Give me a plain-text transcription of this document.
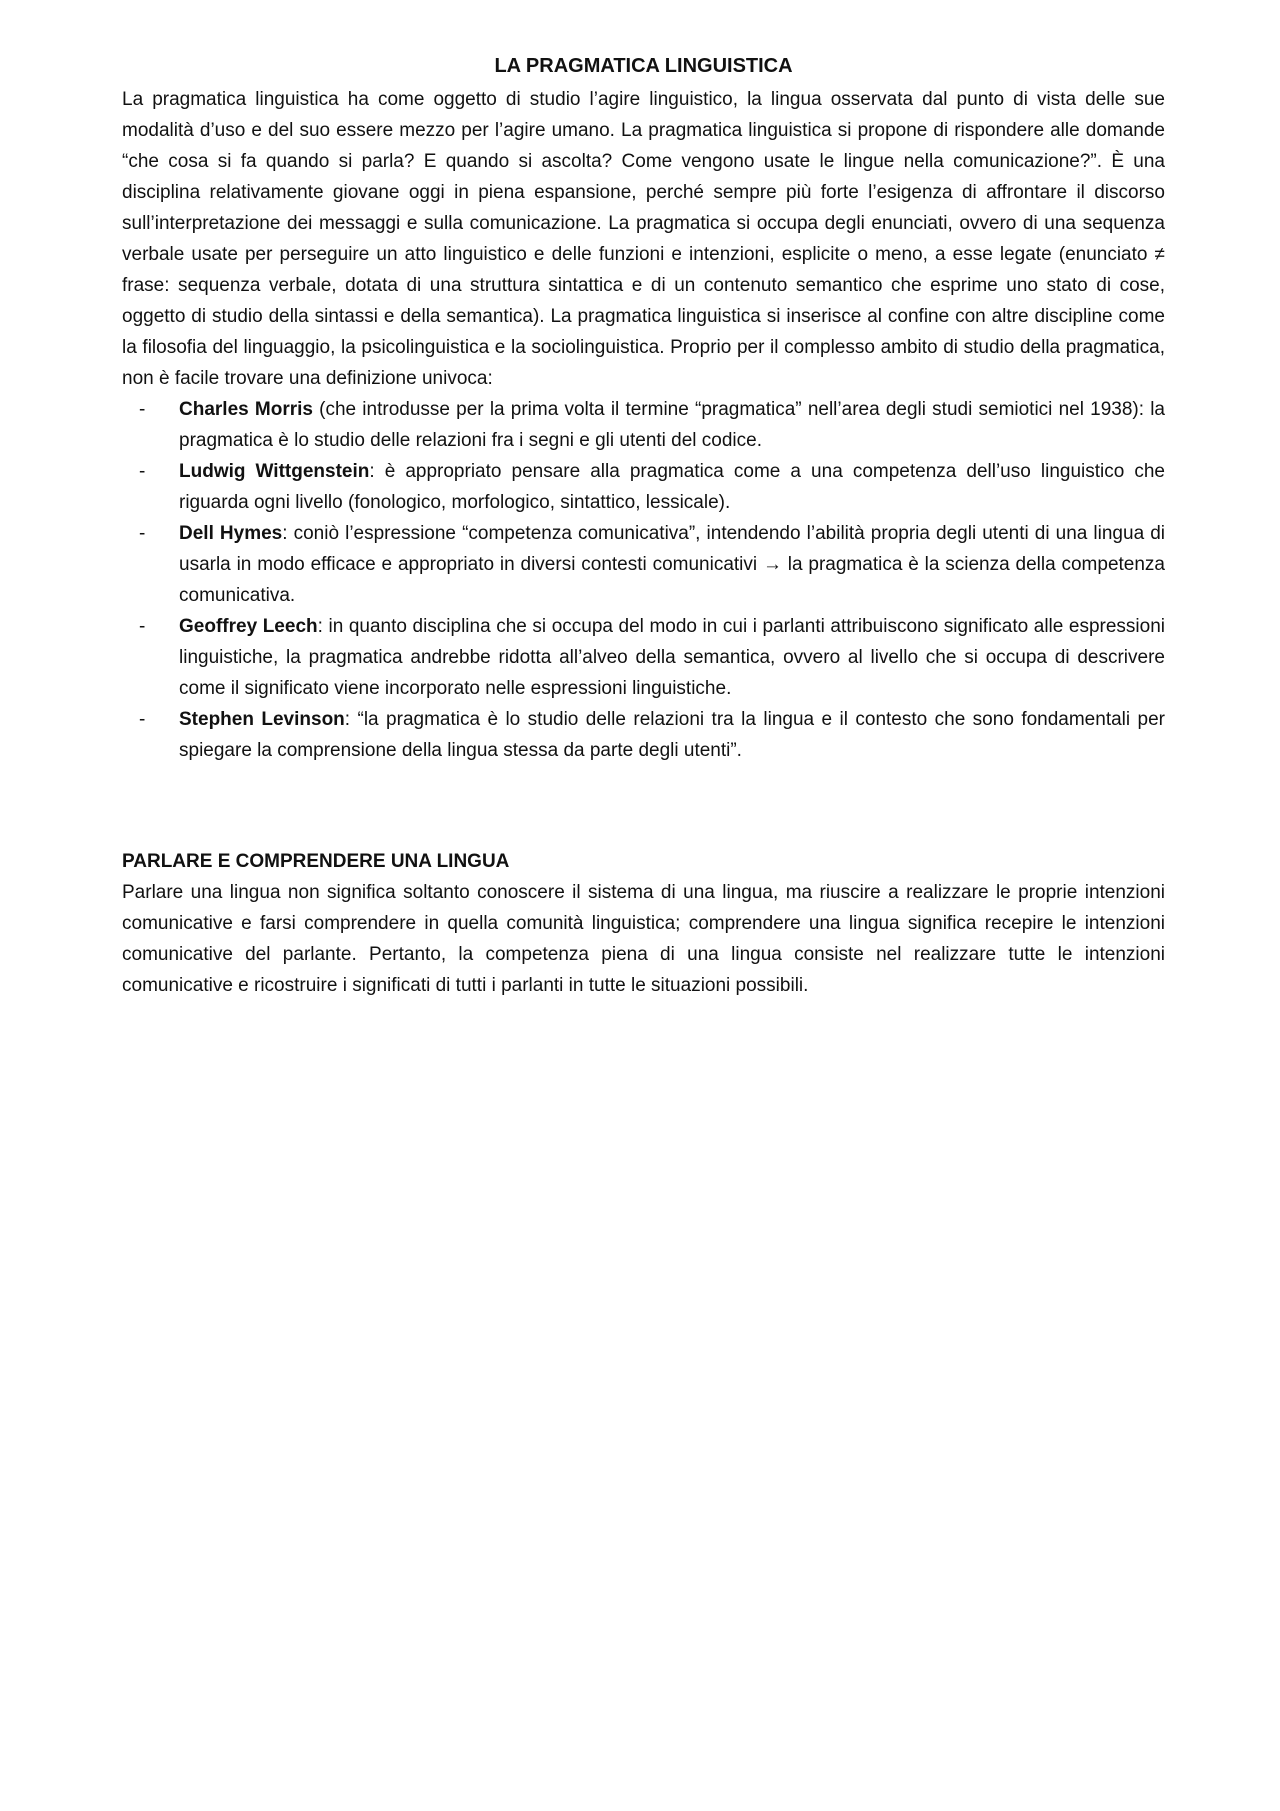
LA PRAGMATICA LINGUISTICA

La pragmatica linguistica ha come oggetto di studio l’agire linguistico, la lingua osservata dal punto di vista delle sue modalità d’uso e del suo essere mezzo per l’agire umano. La pragmatica linguistica si propone di rispondere alle domande “che cosa si fa quando si parla? E quando si ascolta? Come vengono usate le lingue nella comunicazione?”. È una disciplina relativamente giovane oggi in piena espansione, perché sempre più forte l’esigenza di affrontare il discorso sull’interpretazione dei messaggi e sulla comunicazione. La pragmatica si occupa degli enunciati, ovvero di una sequenza verbale usate per perseguire un atto linguistico e delle funzioni e intenzioni, esplicite o meno, a esse legate (enunciato ≠ frase: sequenza verbale, dotata di una struttura sintattica e di un contenuto semantico che esprime uno stato di cose, oggetto di studio della sintassi e della semantica). La pragmatica linguistica si inserisce al confine con altre discipline come la filosofia del linguaggio, la psicolinguistica e la sociolinguistica. Proprio per il complesso ambito di studio della pragmatica, non è facile trovare una definizione univoca:

- Charles Morris (che introdusse per la prima volta il termine “pragmatica” nell’area degli studi semiotici nel 1938): la pragmatica è lo studio delle relazioni fra i segni e gli utenti del codice.
- Ludwig Wittgenstein: è appropriato pensare alla pragmatica come a una competenza dell’uso linguistico che riguarda ogni livello (fonologico, morfologico, sintattico, lessicale).
- Dell Hymes: coniò l’espressione “competenza comunicativa”, intendendo l’abilità propria degli utenti di una lingua di usarla in modo efficace e appropriato in diversi contesti comunicativi → la pragmatica è la scienza della competenza comunicativa.
- Geoffrey Leech: in quanto disciplina che si occupa del modo in cui i parlanti attribuiscono significato alle espressioni linguistiche, la pragmatica andrebbe ridotta all’alveo della semantica, ovvero al livello che si occupa di descrivere come il significato viene incorporato nelle espressioni linguistiche.
- Stephen Levinson: “la pragmatica è lo studio delle relazioni tra la lingua e il contesto che sono fondamentali per spiegare la comprensione della lingua stessa da parte degli utenti”.
PARLARE E COMPRENDERE UNA LINGUA

Parlare una lingua non significa soltanto conoscere il sistema di una lingua, ma riuscire a realizzare le proprie intenzioni comunicative e farsi comprendere in quella comunità linguistica; comprendere una lingua significa recepire le intenzioni comunicative del parlante. Pertanto, la competenza piena di una lingua consiste nel realizzare tutte le intenzioni comunicative e ricostruire i significati di tutti i parlanti in tutte le situazioni possibili.
